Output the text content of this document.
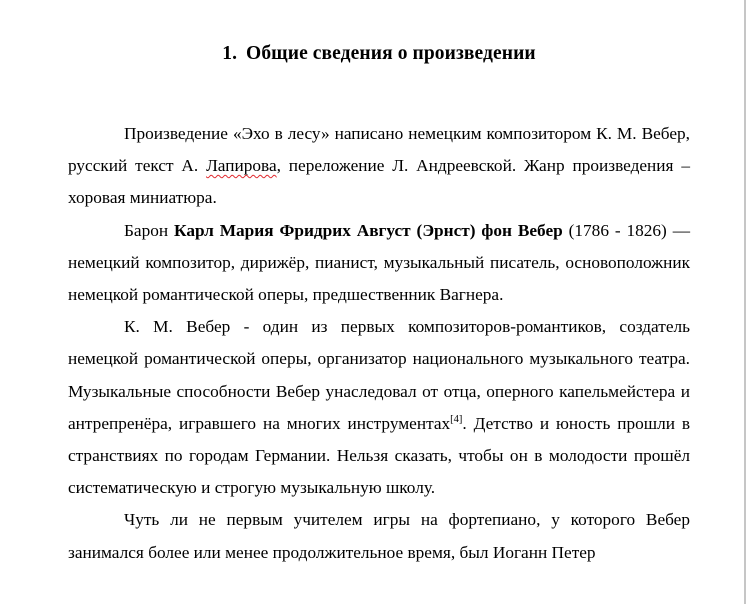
1. Общие сведения о произведении

Произведение «Эхо в лесу» написано немецким композитором К. М. Вебер, русский текст А. Лапирова, переложение Л. Андреевской. Жанр произведения – хоровая миниатюра.

Барон Карл Мария Фридрих Август (Эрнст) фон Вебер (1786 - 1826) — немецкий композитор, дирижёр, пианист, музыкальный писатель, основоположник немецкой романтической оперы, предшественник Вагнера.

К. М. Вебер - один из первых композиторов-романтиков, создатель немецкой романтической оперы, организатор национального музыкального театра. Музыкальные способности Вебер унаследовал от отца, оперного капельмейстера и антрепренёра, игравшего на многих инструментах[4]. Детство и юность прошли в странствиях по городам Германии. Нельзя сказать, чтобы он в молодости прошёл систематическую и строгую музыкальную школу.

Чуть ли не первым учителем игры на фортепиано, у которого Вебер занимался более или менее продолжительное время, был Иоганн Петер
